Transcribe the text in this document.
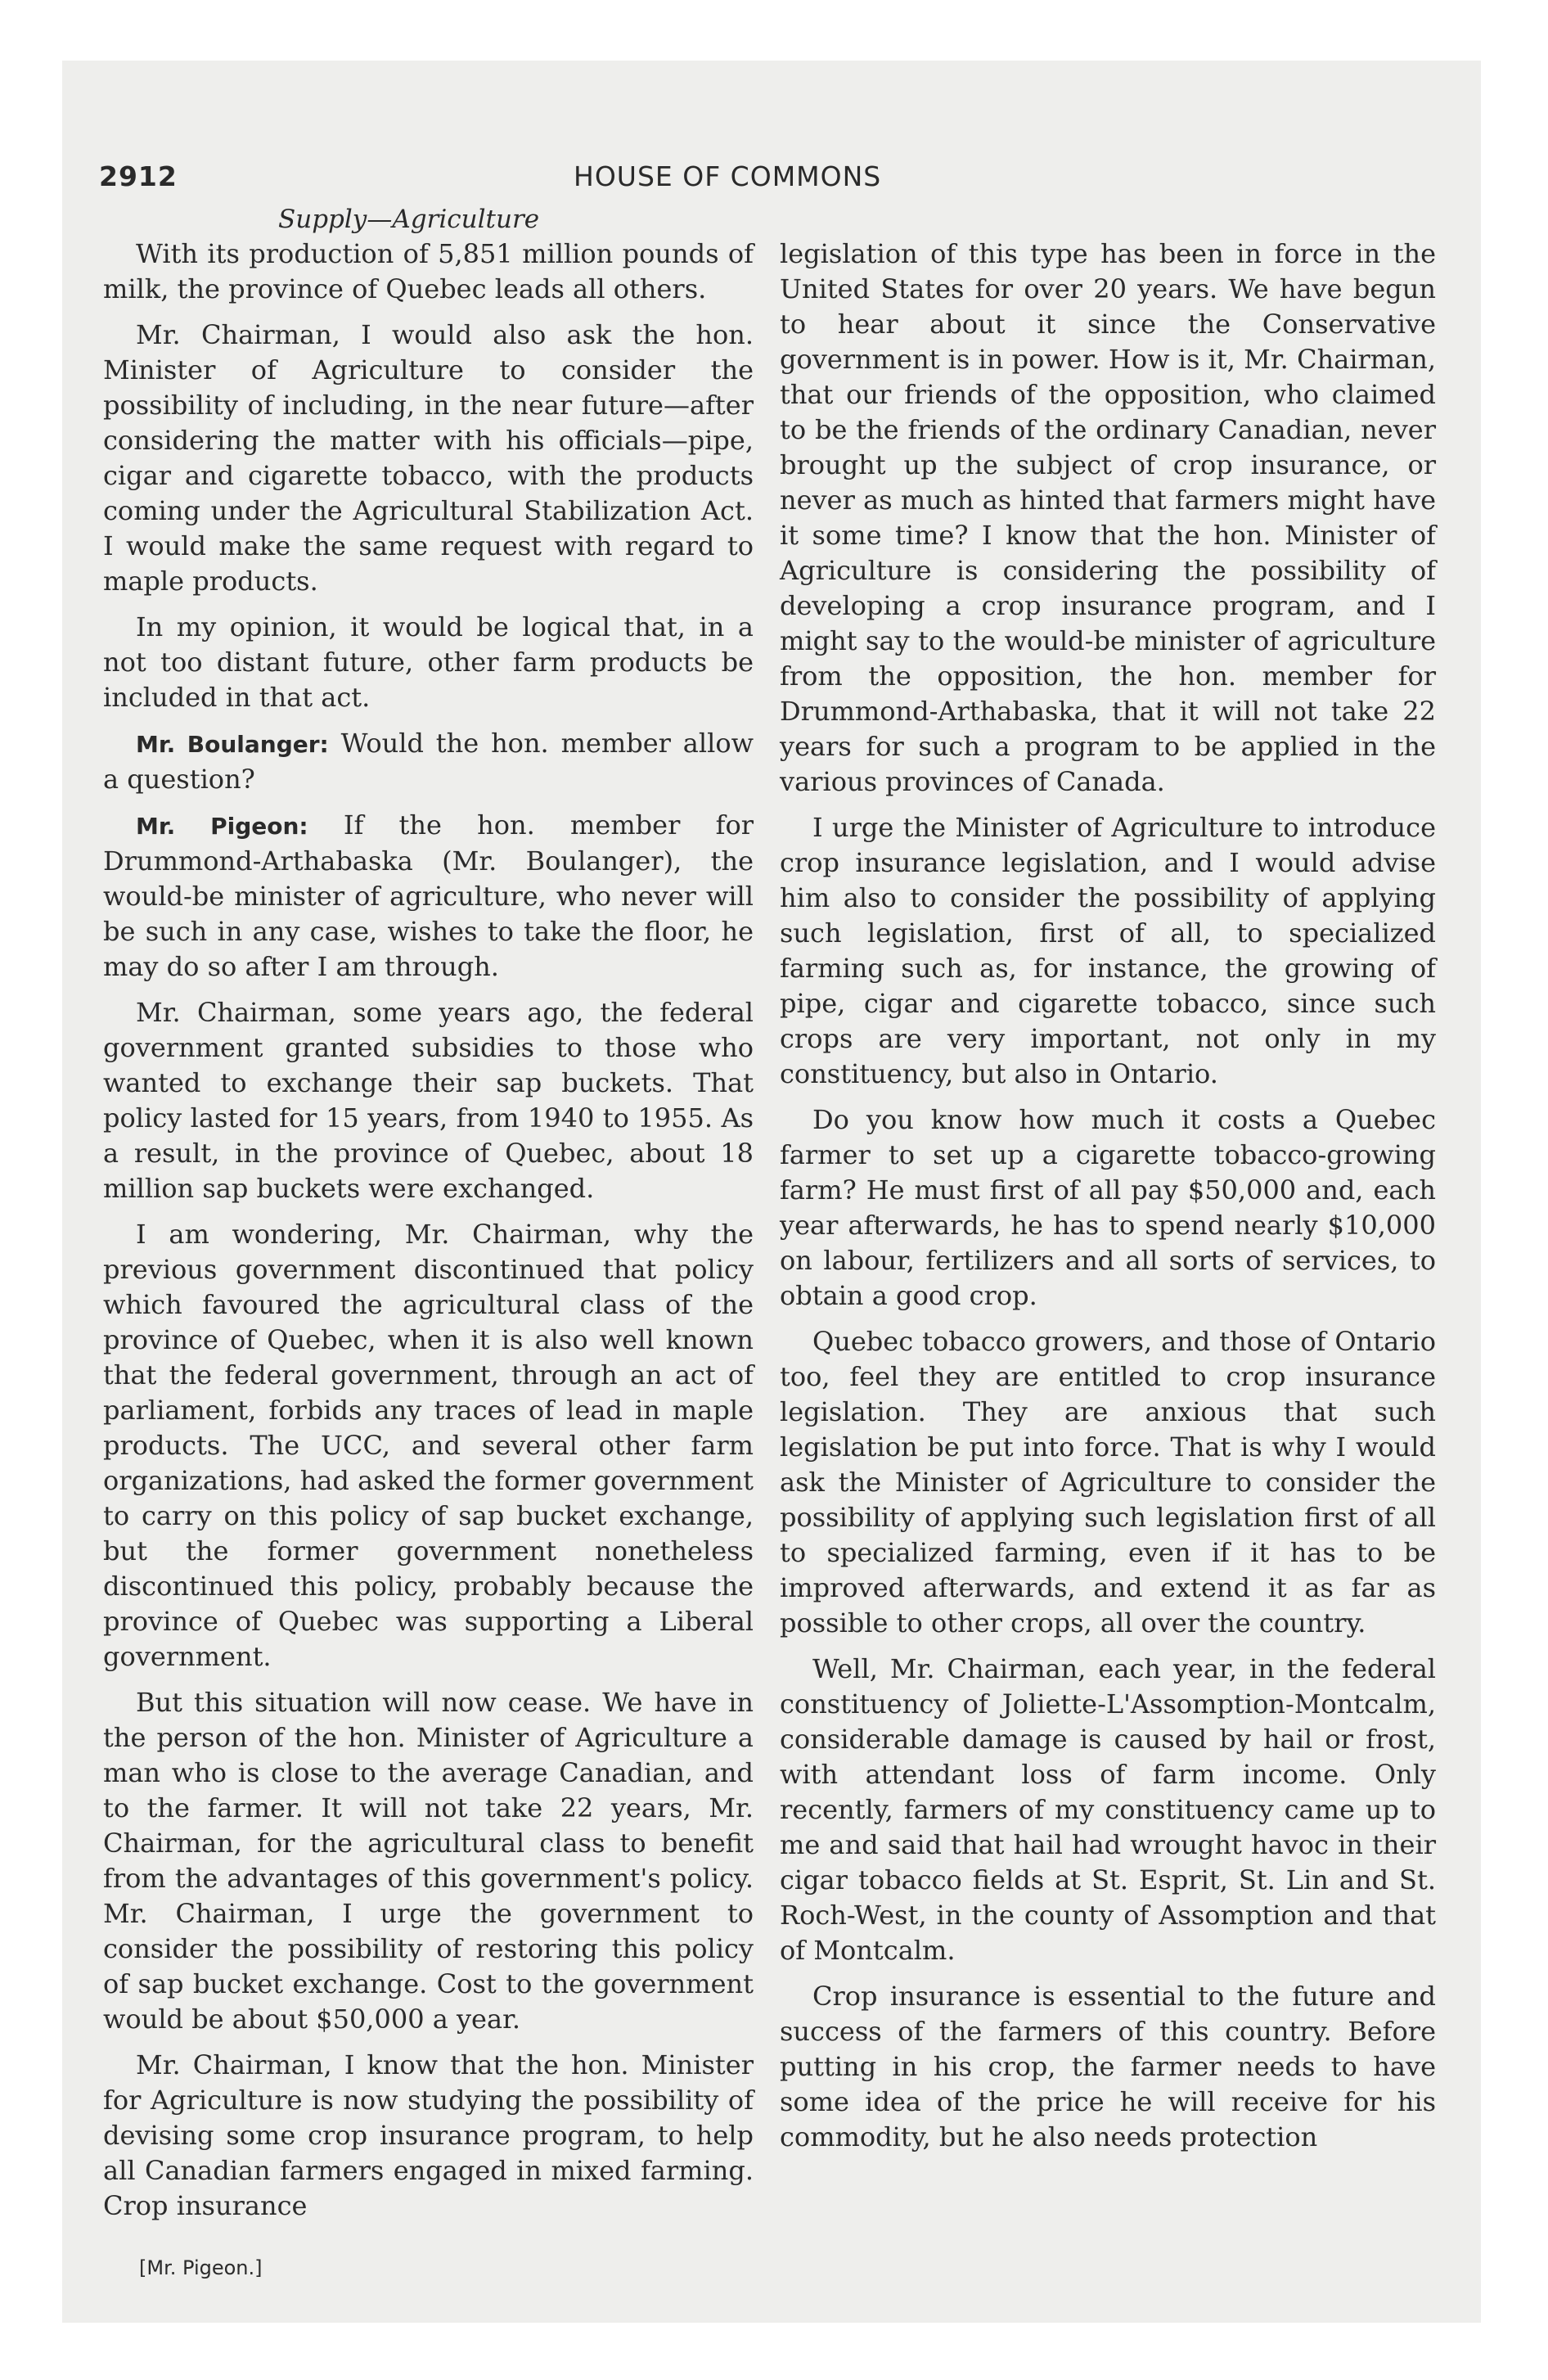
2912	HOUSE OF COMMONS
Supply—Agriculture

With its production of 5,851 million pounds of milk, the province of Quebec leads all others.

Mr. Chairman, I would also ask the hon. Minister of Agriculture to consider the possibility of including, in the near future—after considering the matter with his officials—pipe, cigar and cigarette tobacco, with the products coming under the Agricultural Stabilization Act. I would make the same request with regard to maple products.

In my opinion, it would be logical that, in a not too distant future, other farm products be included in that act.

Mr. Boulanger: Would the hon. member allow a question?

Mr. Pigeon: If the hon. member for Drummond-Arthabaska (Mr. Boulanger), the would-be minister of agriculture, who never will be such in any case, wishes to take the floor, he may do so after I am through.

Mr. Chairman, some years ago, the federal government granted subsidies to those who wanted to exchange their sap buckets. That policy lasted for 15 years, from 1940 to 1955. As a result, in the province of Quebec, about 18 million sap buckets were exchanged.

I am wondering, Mr. Chairman, why the previous government discontinued that policy which favoured the agricultural class of the province of Quebec, when it is also well known that the federal government, through an act of parliament, forbids any traces of lead in maple products. The UCC, and several other farm organizations, had asked the former government to carry on this policy of sap bucket exchange, but the former government nonetheless discontinued this policy, probably because the province of Quebec was supporting a Liberal government.

But this situation will now cease. We have in the person of the hon. Minister of Agriculture a man who is close to the average Canadian, and to the farmer. It will not take 22 years, Mr. Chairman, for the agricultural class to benefit from the advantages of this government's policy. Mr. Chairman, I urge the government to consider the possibility of restoring this policy of sap bucket exchange. Cost to the government would be about $50,000 a year.

Mr. Chairman, I know that the hon. Minister for Agriculture is now studying the possibility of devising some crop insurance program, to help all Canadian farmers engaged in mixed farming. Crop insurance

legislation of this type has been in force in the United States for over 20 years. We have begun to hear about it since the Conservative government is in power. How is it, Mr. Chairman, that our friends of the opposition, who claimed to be the friends of the ordinary Canadian, never brought up the subject of crop insurance, or never as much as hinted that farmers might have it some time? I know that the hon. Minister of Agriculture is considering the possibility of developing a crop insurance program, and I might say to the would-be minister of agriculture from the opposition, the hon. member for Drummond-Arthabaska, that it will not take 22 years for such a program to be applied in the various provinces of Canada.

I urge the Minister of Agriculture to introduce crop insurance legislation, and I would advise him also to consider the possibility of applying such legislation, first of all, to specialized farming such as, for instance, the growing of pipe, cigar and cigarette tobacco, since such crops are very important, not only in my constituency, but also in Ontario.

Do you know how much it costs a Quebec farmer to set up a cigarette tobacco-growing farm? He must first of all pay $50,000 and, each year afterwards, he has to spend nearly $10,000 on labour, fertilizers and all sorts of services, to obtain a good crop.

Quebec tobacco growers, and those of Ontario too, feel they are entitled to crop insurance legislation. They are anxious that such legislation be put into force. That is why I would ask the Minister of Agriculture to consider the possibility of applying such legislation first of all to specialized farming, even if it has to be improved afterwards, and extend it as far as possible to other crops, all over the country.

Well, Mr. Chairman, each year, in the federal constituency of Joliette-L'Assomption-Montcalm, considerable damage is caused by hail or frost, with attendant loss of farm income. Only recently, farmers of my constituency came up to me and said that hail had wrought havoc in their cigar tobacco fields at St. Esprit, St. Lin and St. Roch-West, in the county of Assomption and that of Montcalm.

Crop insurance is essential to the future and success of the farmers of this country. Before putting in his crop, the farmer needs to have some idea of the price he will receive for his commodity, but he also needs protection

[Mr. Pigeon.]
